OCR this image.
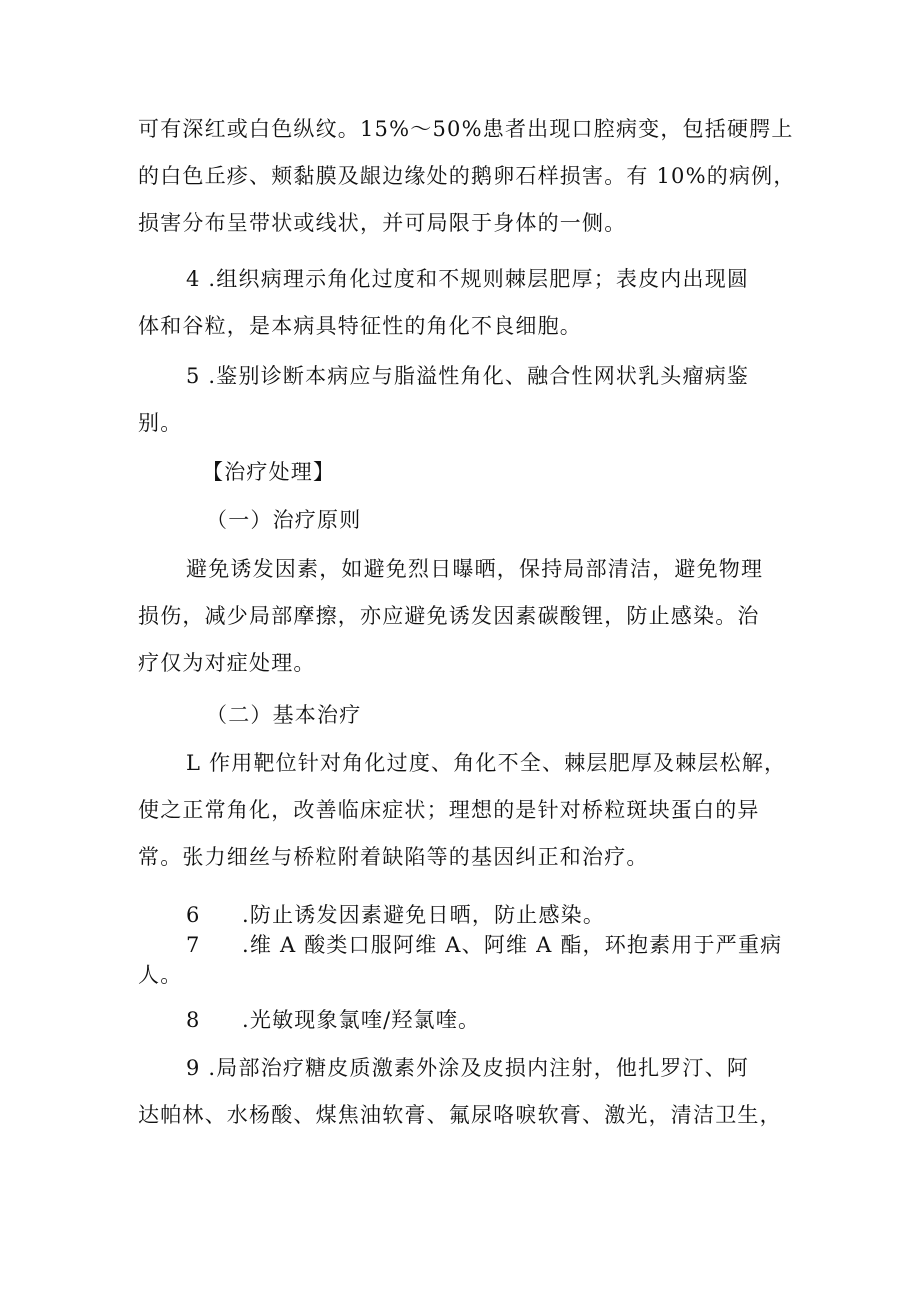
可有深红或白色纵纹。15%～50%患者出现口腔病变，包括硬腭上
的白色丘疹、颊黏膜及龈边缘处的鹅卵石样损害。有 10%的病例，
损害分布呈带状或线状，并可局限于身体的一侧。
4 .组织病理示角化过度和不规则棘层肥厚；表皮内出现圆
体和谷粒，是本病具特征性的角化不良细胞。
5 .鉴别诊断本病应与脂溢性角化、融合性网状乳头瘤病鉴
别。
【治疗处理】
（一）治疗原则
避免诱发因素，如避免烈日曝晒，保持局部清洁，避免物理
损伤，减少局部摩擦，亦应避免诱发因素碳酸锂，防止感染。治
疗仅为对症处理。
（二）基本治疗
L 作用靶位针对角化过度、角化不全、棘层肥厚及棘层松解，
使之正常角化，改善临床症状；理想的是针对桥粒斑块蛋白的异
常。张力细丝与桥粒附着缺陷等的基因纠正和治疗。
6 .防止诱发因素避免日晒，防止感染。
7 .维 A 酸类口服阿维 A、阿维 A 酯，环抱素用于严重病
人。
8 .光敏现象氯喹/羟氯喹。
9 .局部治疗糖皮质激素外涂及皮损内注射，他扎罗汀、阿
达帕林、水杨酸、煤焦油软膏、氟尿咯唳软膏、激光，清洁卫生，
